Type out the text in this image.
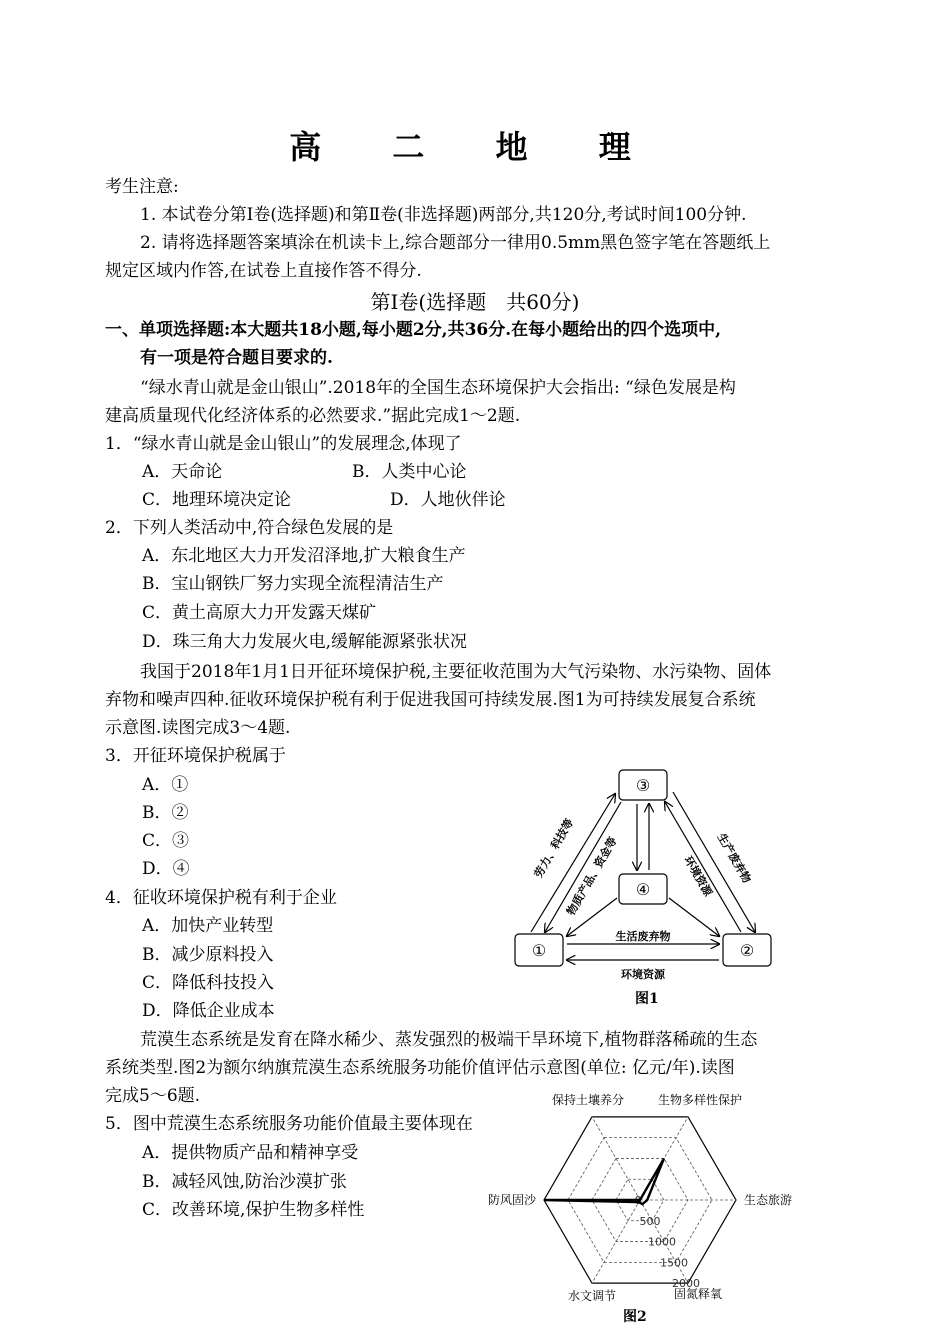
高 二 地 理
考生注意:
1. 本试卷分第Ⅰ卷(选择题)和第Ⅱ卷(非选择题)两部分,共120分,考试时间100分钟.
2. 请将选择题答案填涂在机读卡上,综合题部分一律用0.5mm黑色签字笔在答题纸上
规定区域内作答,在试卷上直接作答不得分.
第Ⅰ卷(选择题　共60分)
一、单项选择题:本大题共18小题,每小题2分,共36分.在每小题给出的四个选项中,
有一项是符合题目要求的.
“绿水青山就是金山银山”.2018年的全国生态环境保护大会指出: “绿色发展是构
建高质量现代化经济体系的必然要求.”据此完成1～2题.
1．“绿水青山就是金山银山”的发展理念,体现了
A．天命论	B．人类中心论
C．地理环境决定论	D．人地伙伴论
2．下列人类活动中,符合绿色发展的是
A．东北地区大力开发沼泽地,扩大粮食生产
B．宝山钢铁厂努力实现全流程清洁生产
C．黄土高原大力开发露天煤矿
D．珠三角大力发展火电,缓解能源紧张状况
我国于2018年1月1日开征环境保护税,主要征收范围为大气污染物、水污染物、固体
弃物和噪声四种.征收环境保护税有利于促进我国可持续发展.图1为可持续发展复合系统
示意图.读图完成3～4题.
3．开征环境保护税属于
A．①
B．②
C．③
D．④
4．征收环境保护税有利于企业
A．加快产业转型
B．减少原料投入
C．降低科技投入
D．降低企业成本
荒漠生态系统是发育在降水稀少、蒸发强烈的极端干旱环境下,植物群落稀疏的生态
系统类型.图2为额尔纳旗荒漠生态系统服务功能价值评估示意图(单位: 亿元/年).读图
完成5～6题.
5．图中荒漠生态系统服务功能价值最主要体现在
A．提供物质产品和精神享受
B．减轻风蚀,防治沙漠扩张
C．改善环境,保护生物多样性
③
④
①	②
劳力、科技等
物质产品、资金等	生产废弃物
环境资源
生活废弃物
环境资源
图1
0
500
1000
1500
2000
保持土壤养分	生物多样性保护
生态旅游
固氮释氧
水文调节
防风固沙
图2
